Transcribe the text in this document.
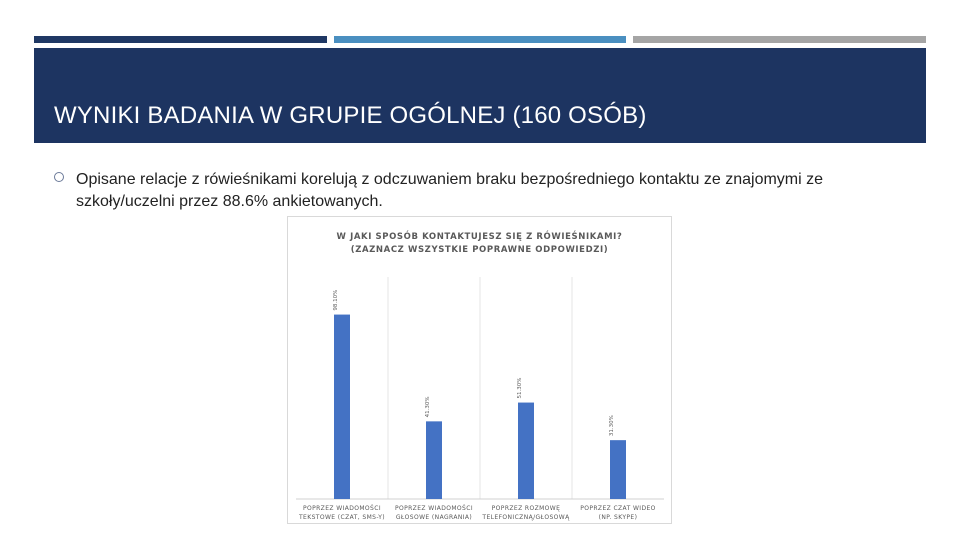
WYNIKI BADANIA W GRUPIE OGÓLNEJ (160 OSÓB)
Opisane relacje z rówieśnikami korelują z odczuwaniem braku bezpośredniego kontaktu ze znajomymi ze szkoły/uczelni przez 88.6% ankietowanych.
98.10%
41.30%
51.30%
31.30%
W JAKI SPOSÓB KONTAKTUJESZ SIĘ Z RÓWIEŚNIKAMI?
(ZAZNACZ WSZYSTKIE POPRAWNE ODPOWIEDZI)
POPRZEZ WIADOMOŚCI
TEKSTOWE (CZAT, SMS-Y)
POPRZEZ WIADOMOŚCI
GŁOSOWE (NAGRANIA)
POPRZEZ ROZMOWĘ
TELEFONICZNĄ/GŁOSOWĄ
POPRZEZ CZAT WIDEO
(NP. SKYPE)
